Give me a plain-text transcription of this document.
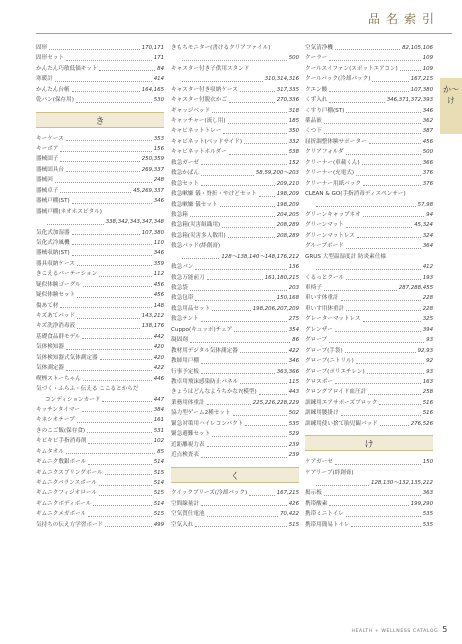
品名索引
固形	170,171
固形セット	171
かんたん巧敏低価キット	84
寒暖計	414
かんたん台帳	164,165
乾パン(保存用)	530
き
キーケース	353
キーボア	156
器械固子	250,359
器械固具台	269,337
器械回	248
器械卓子	45,269,337
器械戸棚(ST)	346
器械戸棚(ネオホスピタル)
338,342,343,347,348
気化式加湿器	107,380
気化式冷風機	110
器械収納(ST)	346
器具収納ケース	359
きこえるパーテーション	112
疑似体験ゴーグル	456
疑似体験セット	456
傷あて材	148
キズあてパッド	143,212
キズ洗浄消毒液	138,176
基礎食品群モデル	442
気体検知器	420
気体検知器式気体測定器	420
気体測定器	422
喫煙ストーちゃん	446
気づく・ふらふ・伝える ここるとからだ
コンディションカード	447
キッチンタイマー	384
キネシオテープ	161
きのこご飯(保存食)	531
キビキビ手指消毒剤	102
キムタオル	85
ギムニク敷銀ボール	514
ギムニクスブリングボール	515
ギムニクバランスボール	514
ギムニクフィジオロール	515
ギムニクボディボール	514
ギムニクメガボール	515
気持ちの伝え方学習ボード	499
きもちモニター(書けるクリアファイル)
500
キャスター付き子供用スタンド
310,314,316
キャスター付き収納ケース	317,335
キャスター付脱衣かご	270,336
ギャッジベッド	318
キャッチャー(流し用)	185
キャビネットトレー	350
キャビネット(ベッドサイド)	332
キャビネットホルダー	538
救急ガーゼ	152
救急かばん	58,59,200〜203
救急セット	209,210
救急嗽嫌 儀・脊折・やけどセット	198,209
救急嗽嫌 儀セット	198,209
救急箱	204,205
救急箱(災害組織用)	208,289
救急箱(災害多人数用)	208,289
救急パッド(絆創膏)
128〜138,140〜148,176,212
救急バン	136
救急万能前刀	161,180,215
救急袋	203
救急包帯	150,168
救急用品セット	198,206,207,209
救急テント	275
Cuppo(キュッポ)チェア	354
凝固剤	86
教材用デジタル気体測定器	422
教師用戸棚	346
行事予定板	363,366
教卓用飛沫感染防止パネル	115
きょうはどんなようちかな?(模型)	443
業務用体重計	225,226,228,229
協力型ゲーム2種セット	502
緊急対策用ハイレコンパクト	535
緊急避難セット	529
近距離視力表	239
近点検査表	239
く
クイックプリーズ(冷却パック)	167,215
空間線量計	426
空気質仕電池	70,422
空気入れ	515
空気清浄機	82,105,106
クーラー	109
クールスイファン(スポットエアコン)	109
クールパック(冷却パック)	167,215
クエン酸	107,380
くず入れ	346,371,372,393
くすり戸棚(ST)	346
薬品嵌	362
くつ下	387
屈折調整体験サポーター	456
クリアフォルダ	500
クリーナー(車載くん)	366
クリーナー(充電式)	376
クリーナー用紙パック	376
CLEAN & GO(手指消毒ディスペンサー)
57,98
グリーンキャップネオ	94
グリーンマット	45,324
グリーンマットレス	324
グループボード	364
GRUS 大型温湿度計 防炎素仕様
412
くるっとクール	193
車椅子	287,288,455
車いす体重計	228
車いす用体重計	228
グレーターマットレス	325
グレンザー	394
グローブ	93
グローブ(手袋)	92,93
グローブ(ニトリル)	92
グローブ(ポリエチレン)	93
クロスボー	163
クロングアロイド血圧計	258
訓練用エアサポーズブロック	516
訓練用腰掛け	516
訓練用使い捨て胎児観パッド	276,526
け
ケアガーゼ	150
ケアリーブ(絆創膏)
128,130〜132,135,212
掲示板	363
携帯酸素	199,290
携帯ミニトイレ	535
携帯用簡易トイレ	535
か〜け
HEALTH + WELLNESS CATALOG 5
